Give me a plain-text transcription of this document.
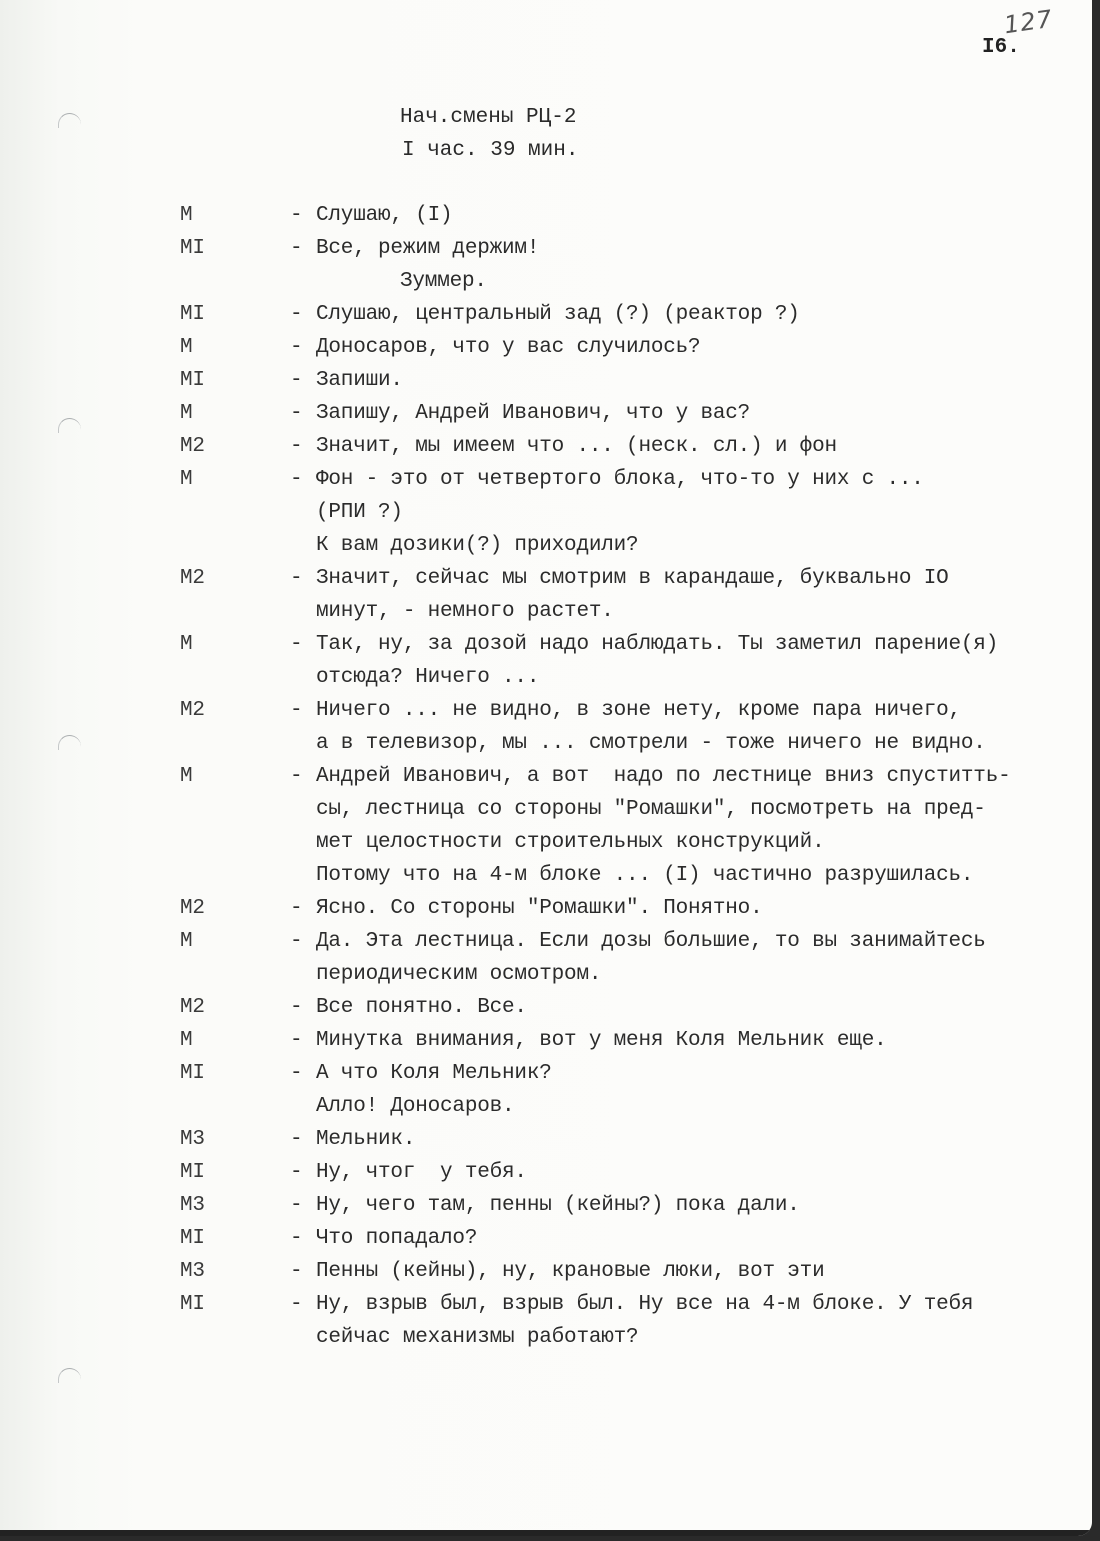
127
I6.
Нач.смены РЦ-2
I час. 39 мин.
М	- Слушаю, (I)
МI	- Все, режим держим!
Зуммер.
МI	- Слушаю, центральный зад (?) (реактор ?)
М	- Доносаров, что у вас случилось?
МI	- Запиши.
М	- Запишу, Андрей Иванович, что у вас?
М2	- Значит, мы имеем что ... (неск. сл.) и фон
М	- Фон - это от четвертого блока, что-то у них с ...
(РПИ ?)
К вам дозики(?) приходили?
М2	- Значит, сейчас мы смотрим в карандаше, буквально IO
минут, - немного растет.
М	- Так, ну, за дозой надо наблюдать. Ты заметил парение(я)
отсюда? Ничего ...
М2	- Ничего ... не видно, в зоне нету, кроме пара ничего,
а в телевизор, мы ... смотрели - тоже ничего не видно.
М	- Андрей Иванович, а вот  надо по лестнице вниз спуститть-
сы, лестница со стороны "Ромашки", посмотреть на пред-
мет целостности строительных конструкций.
Потому что на 4-м блоке ... (I) частично разрушилась.
М2	- Ясно. Со стороны "Ромашки". Понятно.
М	- Да. Эта лестница. Если дозы большие, то вы занимайтесь
периодическим осмотром.
М2	- Все понятно. Все.
М	- Минутка внимания, вот у меня Коля Мельник еще.
МI	- А что Коля Мельник?
Алло! Доносаров.
М3	- Мельник.
МI	- Ну, чтог  у тебя.
М3	- Ну, чего там, пенны (кейны?) пока дали.
МI	- Что попадало?
М3	- Пенны (кейны), ну, крановые люки, вот эти
МI	- Ну, взрыв был, взрыв был. Ну все на 4-м блоке. У тебя
сейчас механизмы работают?
